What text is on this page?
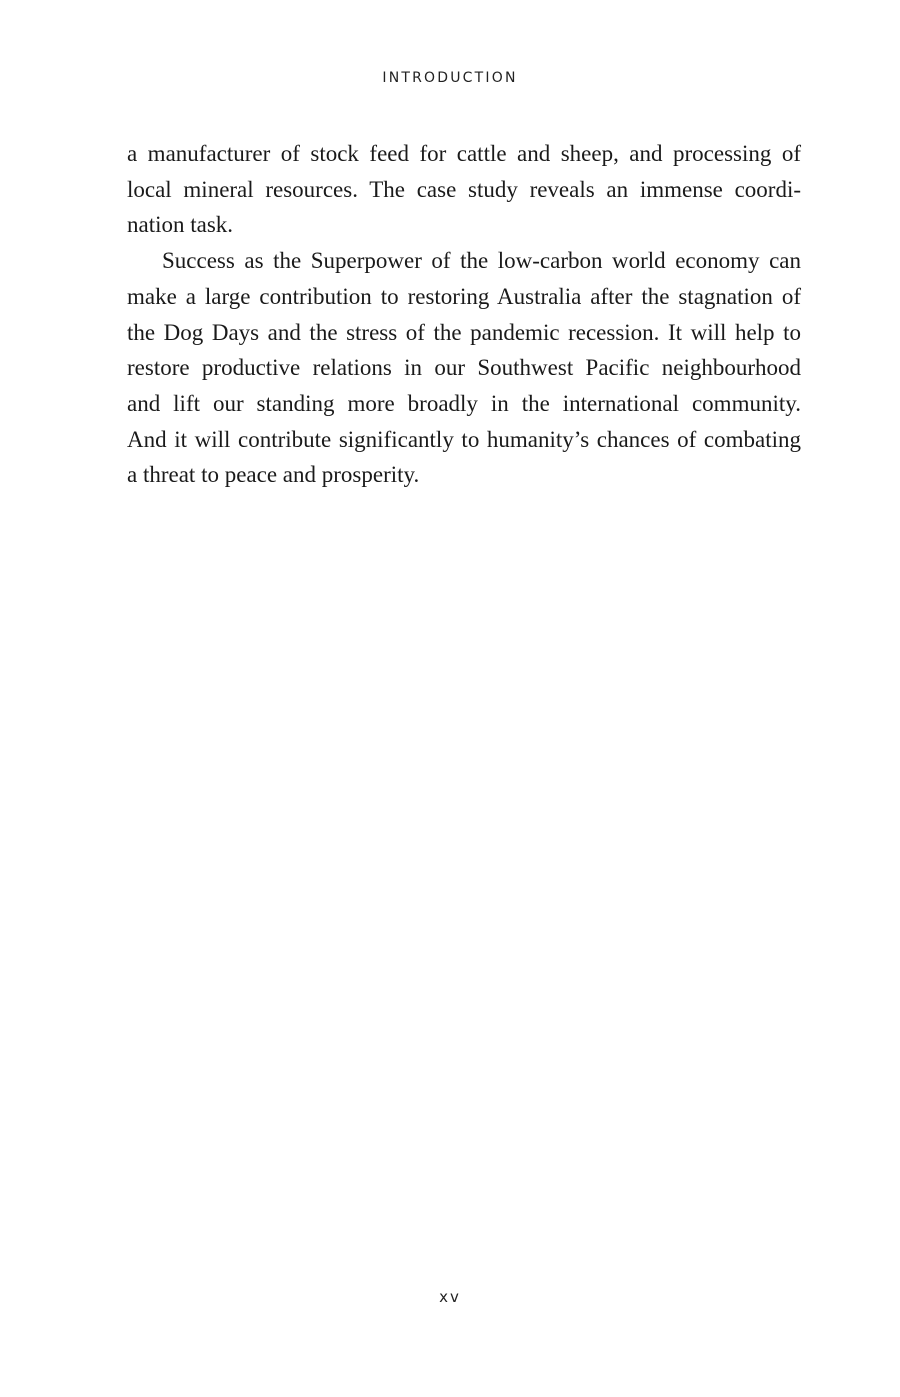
INTRODUCTION
a manufacturer of stock feed for cattle and sheep, and processing of
local mineral resources. The case study reveals an immense coordi-
nation task.
Success as the Superpower of the low-carbon world economy can
make a large contribution to restoring Australia after the stagnation of
the Dog Days and the stress of the pandemic recession. It will help to
restore productive relations in our Southwest Pacific neighbourhood
and lift our standing more broadly in the international community.
And it will contribute significantly to humanity’s chances of combating
a threat to peace and prosperity.
xv
